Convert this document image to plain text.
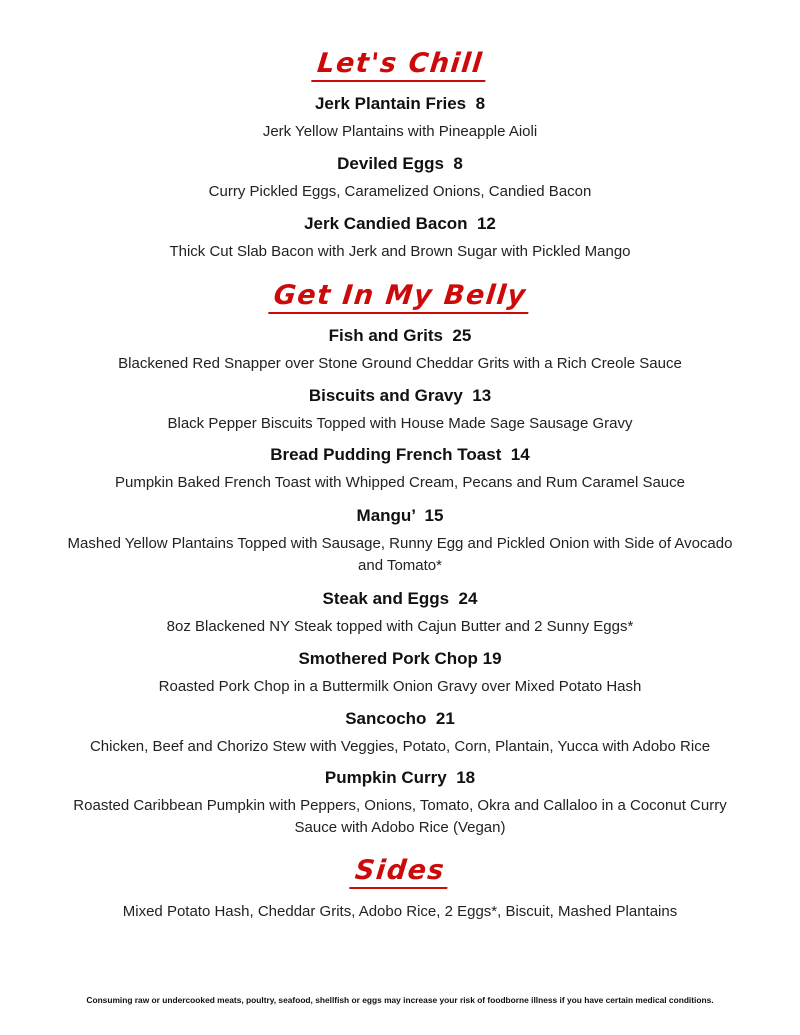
Let's Chill
Jerk Plantain Fries  8
Jerk Yellow Plantains with Pineapple Aioli
Deviled Eggs  8
Curry Pickled Eggs, Caramelized Onions, Candied Bacon
Jerk Candied Bacon  12
Thick Cut Slab Bacon with Jerk and Brown Sugar with Pickled Mango
Get In My Belly
Fish and Grits  25
Blackened Red Snapper over Stone Ground Cheddar Grits with a Rich Creole Sauce
Biscuits and Gravy  13
Black Pepper Biscuits Topped with House Made Sage Sausage Gravy
Bread Pudding French Toast  14
Pumpkin Baked French Toast with Whipped Cream, Pecans and Rum Caramel Sauce
Mangu’  15
Mashed Yellow Plantains Topped with Sausage, Runny Egg and Pickled Onion with Side of Avocado and Tomato*
Steak and Eggs  24
8oz Blackened NY Steak topped with Cajun Butter and 2 Sunny Eggs*
Smothered Pork Chop 19
Roasted Pork Chop in a Buttermilk Onion Gravy over Mixed Potato Hash
Sancocho  21
Chicken, Beef and Chorizo Stew with Veggies, Potato, Corn, Plantain, Yucca with Adobo Rice
Pumpkin Curry  18
Roasted Caribbean Pumpkin with Peppers, Onions, Tomato, Okra and Callaloo in a Coconut Curry Sauce with Adobo Rice (Vegan)
Sides
Mixed Potato Hash, Cheddar Grits, Adobo Rice, 2 Eggs*, Biscuit, Mashed Plantains
Consuming raw or undercooked meats, poultry, seafood, shellfish or eggs may increase your risk of foodborne illness if you have certain medical conditions.
